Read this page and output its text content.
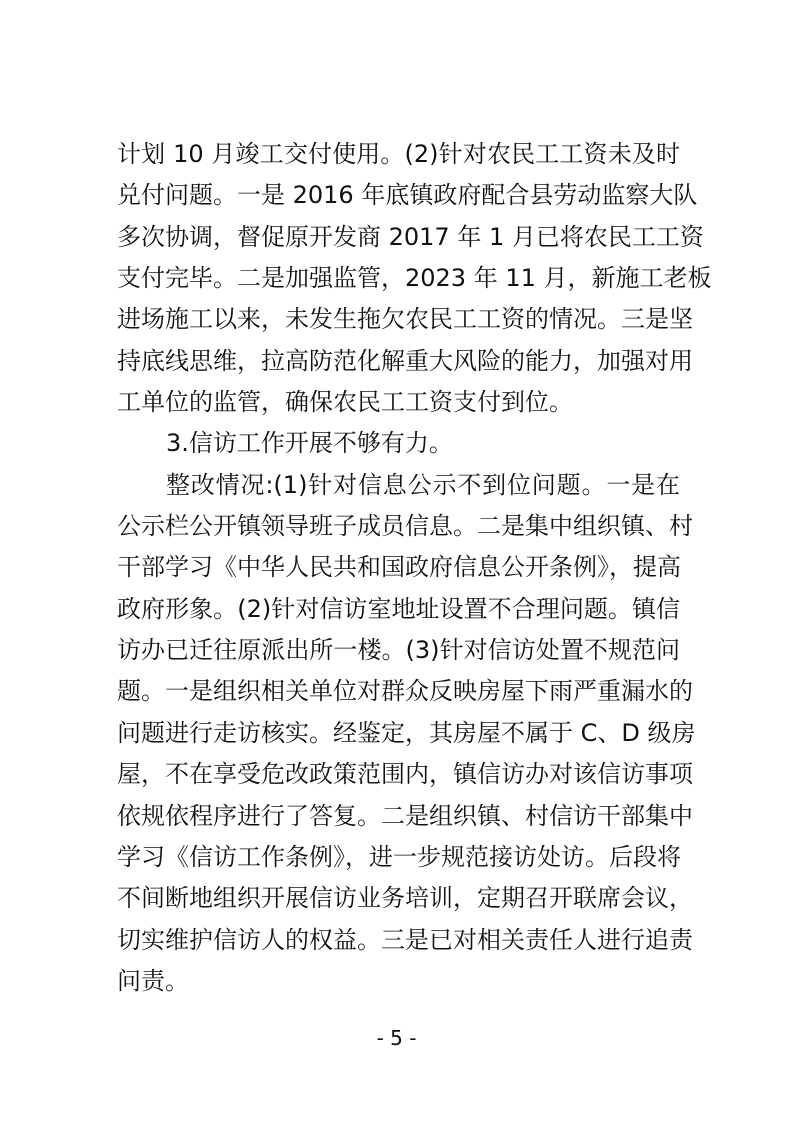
计划 10 月竣工交付使用。(2)针对农民工工资未及时
兑付问题。一是 2016 年底镇政府配合县劳动监察大队
多次协调，督促原开发商 2017 年 1 月已将农民工工资
支付完毕。二是加强监管，2023 年 11 月，新施工老板
进场施工以来，未发生拖欠农民工工资的情况。三是坚
持底线思维，拉高防范化解重大风险的能力，加强对用
工单位的监管，确保农民工工资支付到位。
3.信访工作开展不够有力。
整改情况:(1)针对信息公示不到位问题。一是在
公示栏公开镇领导班子成员信息。二是集中组织镇、村
干部学习《中华人民共和国政府信息公开条例》，提高
政府形象。(2)针对信访室地址设置不合理问题。镇信
访办已迁往原派出所一楼。(3)针对信访处置不规范问
题。一是组织相关单位对群众反映房屋下雨严重漏水的
问题进行走访核实。经鉴定，其房屋不属于 C、D 级房
屋，不在享受危改政策范围内，镇信访办对该信访事项
依规依程序进行了答复。二是组织镇、村信访干部集中
学习《信访工作条例》，进一步规范接访处访。后段将
不间断地组织开展信访业务培训，定期召开联席会议，
切实维护信访人的权益。三是已对相关责任人进行追责
问责。
- 5 -
